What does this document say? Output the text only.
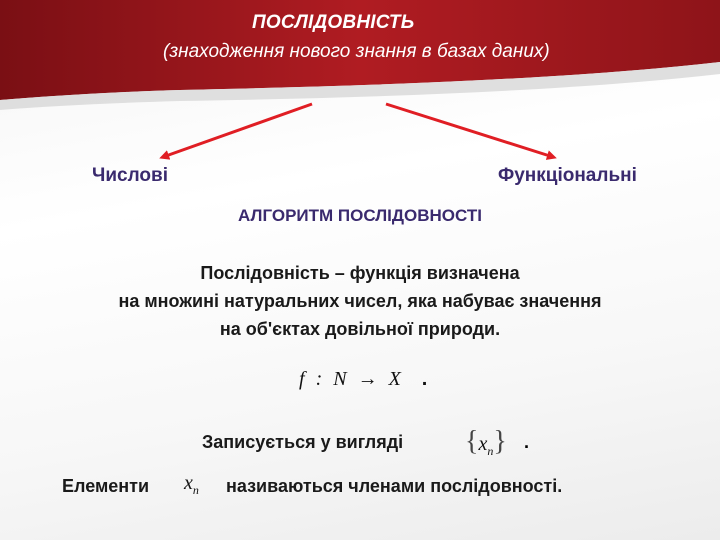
ПОСЛІДОВНІСТЬ
(знаходження нового знання в базах даних)
Числові	Функціональні
АЛГОРИТМ ПОСЛІДОВНОСТІ
Послідовність – функція визначена
на множині натуральних чисел, яка набуває значення
на об'єктах довільної природи.
f : N → X .
Записується у вигляді $\{x_n\}$ .
Елементи $x_n$ називаються членами послідовності.
